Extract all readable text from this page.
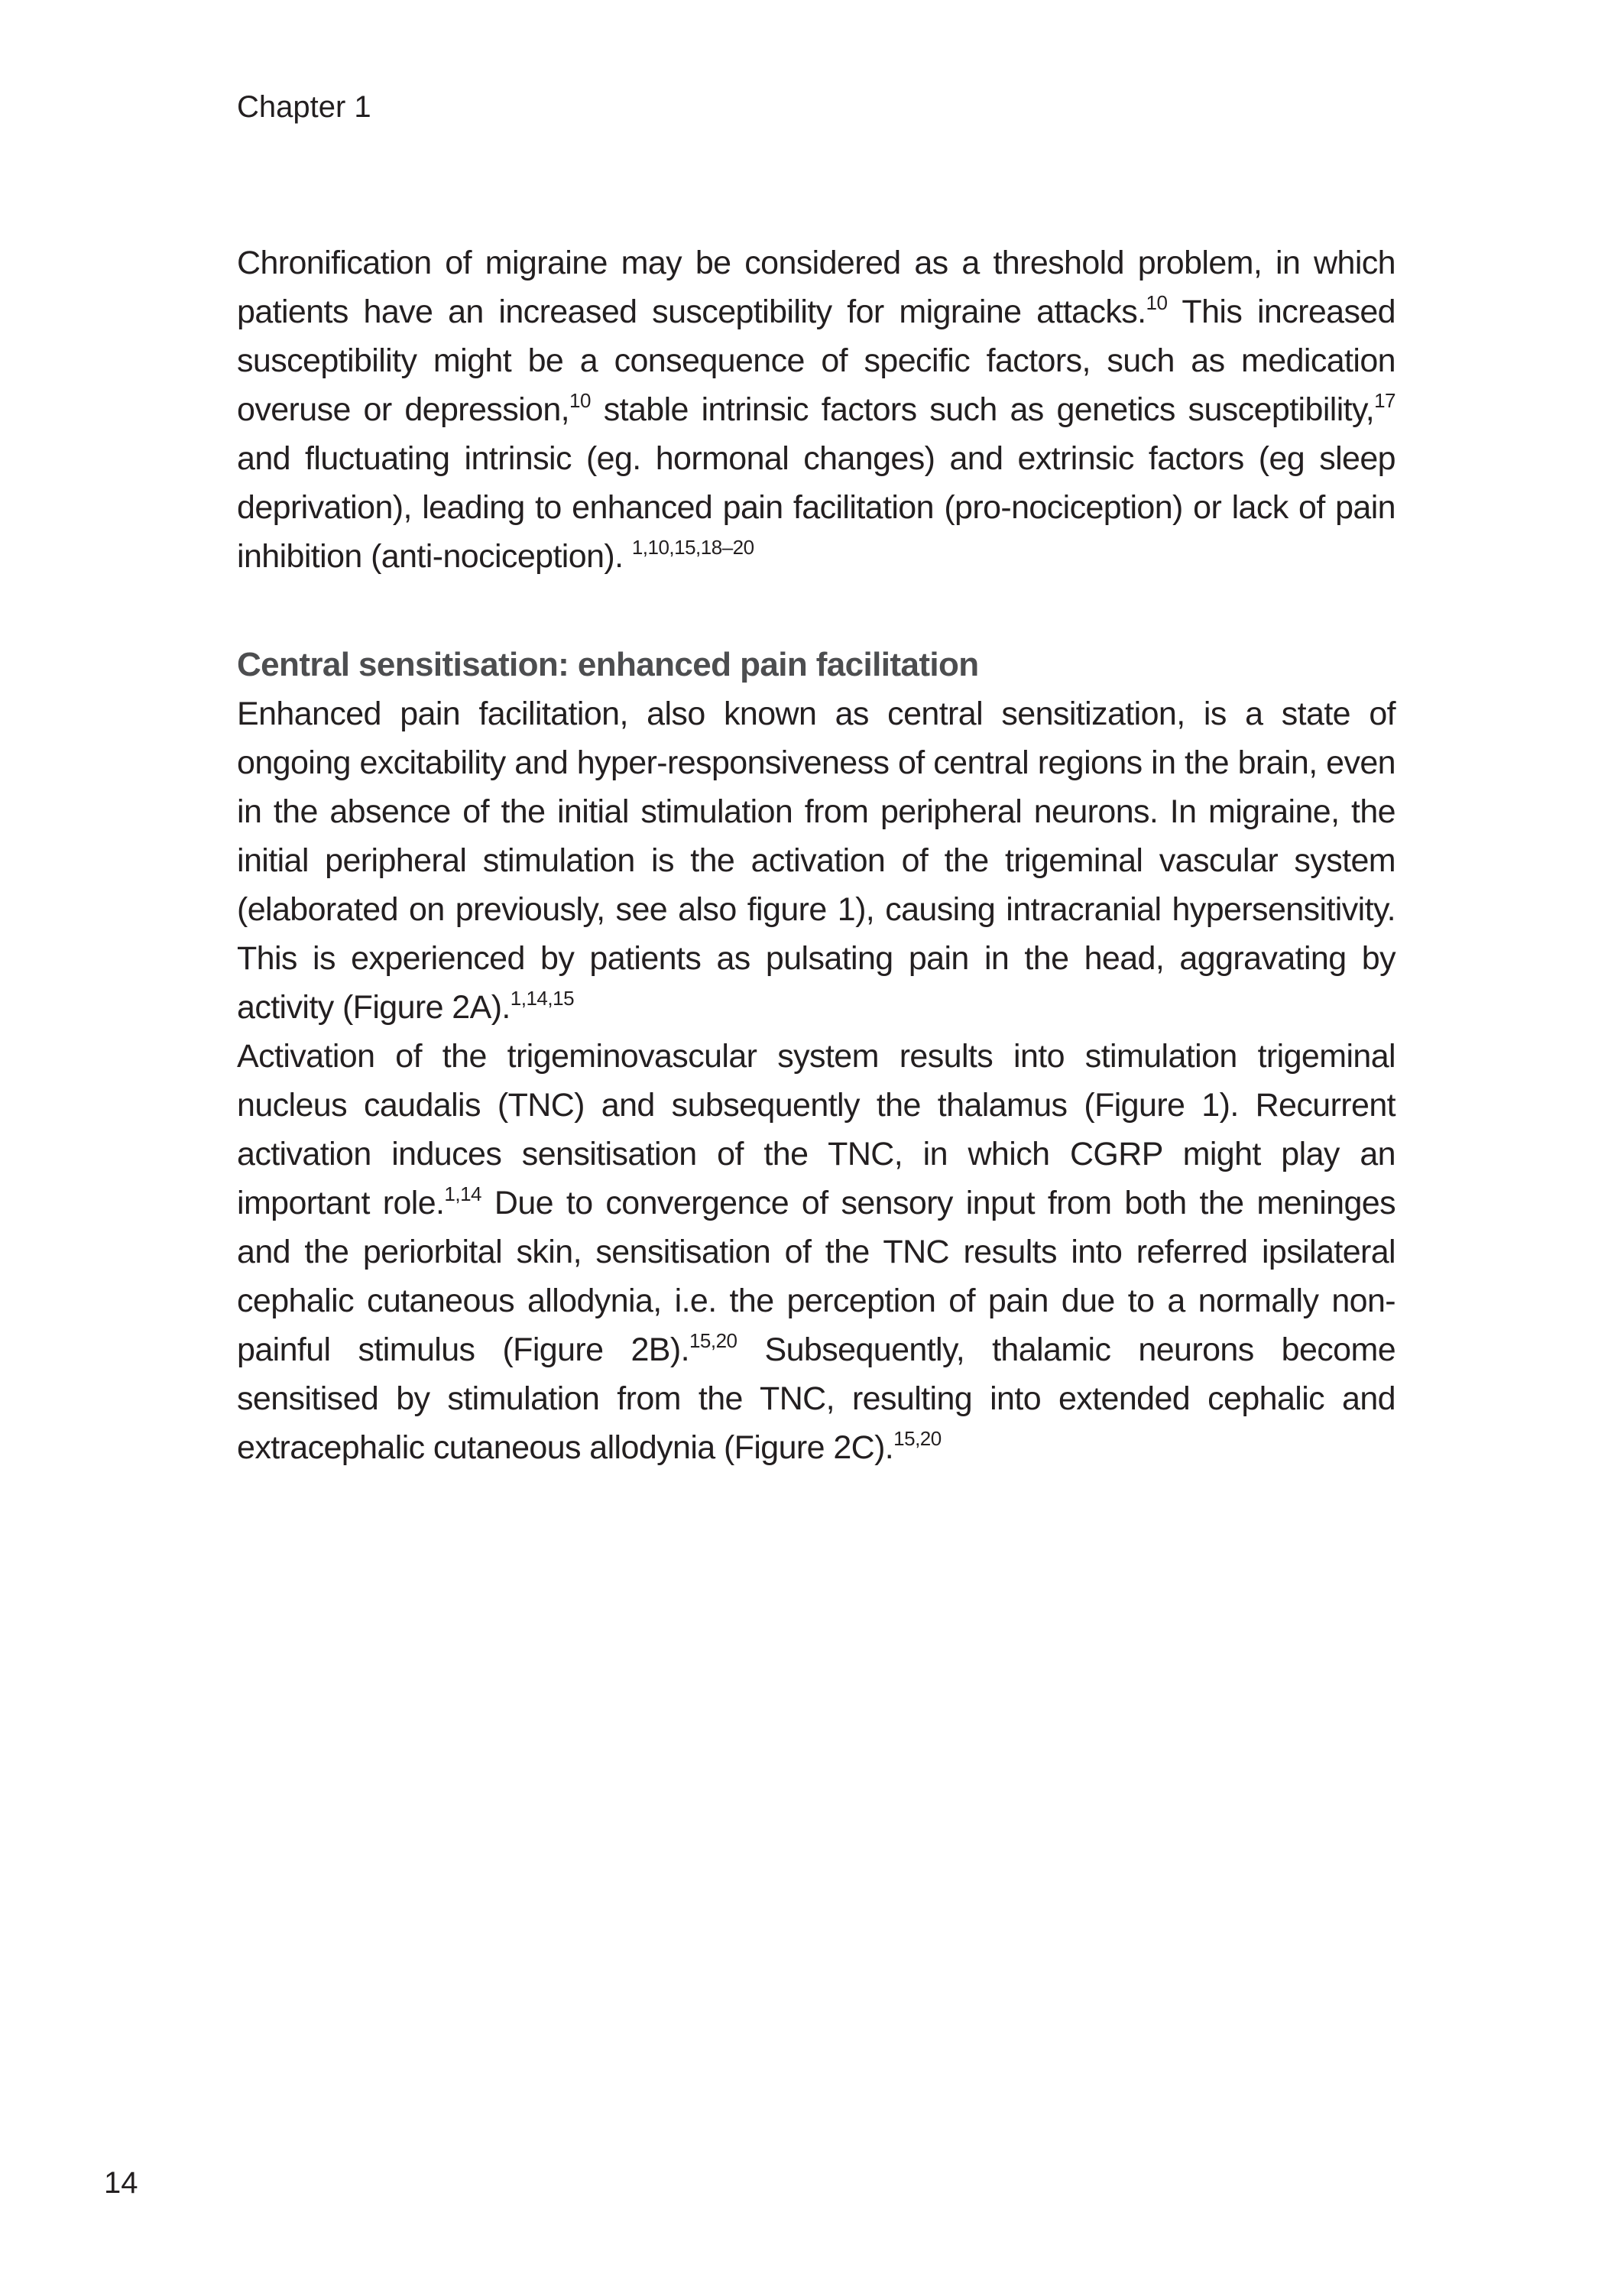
Chapter 1

Chronification of migraine may be considered as a threshold problem, in which patients have an increased susceptibility for migraine attacks.$^{10}$ This increased susceptibility might be a consequence of specific factors, such as medication overuse or depression,$^{10}$ stable intrinsic factors such as genetics susceptibility,$^{17}$ and fluctuating intrinsic (eg. hormonal changes) and extrinsic factors (eg sleep deprivation), leading to enhanced pain facilitation (pro-nociception) or lack of pain inhibition (anti-nociception). $^{1,10,15,18-20}$

Central sensitisation: enhanced pain facilitation

Enhanced pain facilitation, also known as central sensitization, is a state of ongoing excitability and hyper-responsiveness of central regions in the brain, even in the absence of the initial stimulation from peripheral neurons. In migraine, the initial peripheral stimulation is the activation of the trigeminal vascular system (elaborated on previously, see also figure 1), causing intracranial hypersensitivity. This is experienced by patients as pulsating pain in the head, aggravating by activity (Figure 2A).$^{1,14,15}$

Activation of the trigeminovascular system results into stimulation trigeminal nucleus caudalis (TNC) and subsequently the thalamus (Figure 1). Recurrent activation induces sensitisation of the TNC, in which CGRP might play an important role.$^{1,14}$ Due to convergence of sensory input from both the meninges and the periorbital skin, sensitisation of the TNC results into referred ipsilateral cephalic cutaneous allodynia, i.e. the perception of pain due to a normally non-painful stimulus (Figure 2B).$^{15,20}$ Subsequently, thalamic neurons become sensitised by stimulation from the TNC, resulting into extended cephalic and extracephalic cutaneous allodynia (Figure 2C).$^{15,20}$

14
